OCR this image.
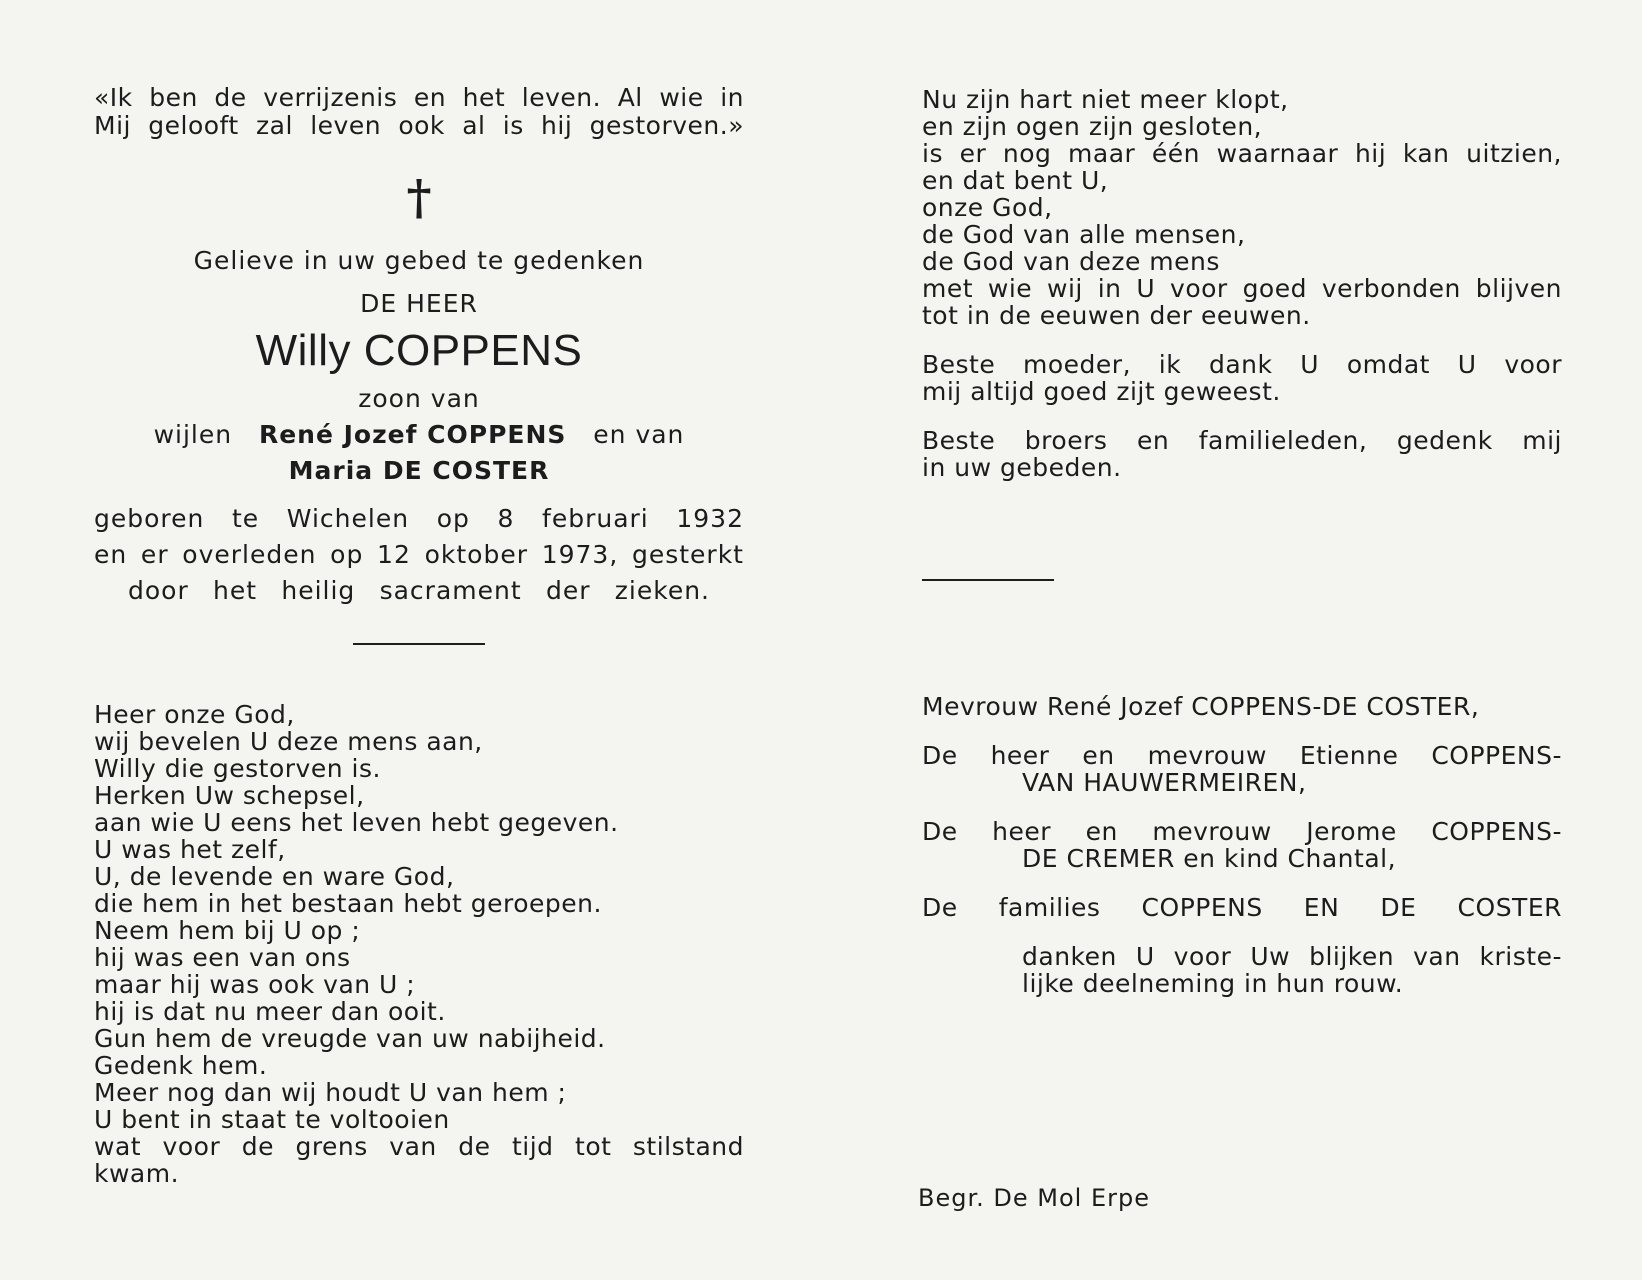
«Ik ben de verrijzenis en het leven. Al wie in
Mij gelooft zal leven ook al is hij gestorven.»
†
Gelieve in uw gebed te gedenken
DE HEER
Willy COPPENS
zoon van
wijlen René Jozef COPPENS en van
Maria DE COSTER
geboren te Wichelen op 8 februari 1932
en er overleden op 12 oktober 1973, gesterkt
door het heilig sacrament der zieken.
Heer onze God,
wij bevelen U deze mens aan,
Willy die gestorven is.
Herken Uw schepsel,
aan wie U eens het leven hebt gegeven.
U was het zelf,
U, de levende en ware God,
die hem in het bestaan hebt geroepen.
Neem hem bij U op ;
hij was een van ons
maar hij was ook van U ;
hij is dat nu meer dan ooit.
Gun hem de vreugde van uw nabijheid.
Gedenk hem.
Meer nog dan wij houdt U van hem ;
U bent in staat te voltooien
wat voor de grens van de tijd tot stilstand
kwam.
Nu zijn hart niet meer klopt,
en zijn ogen zijn gesloten,
is er nog maar één waarnaar hij kan uitzien,
en dat bent U,
onze God,
de God van alle mensen,
de God van deze mens
met wie wij in U voor goed verbonden blijven
tot in de eeuwen der eeuwen.
Beste moeder, ik dank U omdat U voor
mij altijd goed zijt geweest.
Beste broers en familieleden, gedenk mij
in uw gebeden.
Mevrouw René Jozef COPPENS-DE COSTER,
De heer en mevrouw Etienne COPPENS-
VAN HAUWERMEIREN,
De heer en mevrouw Jerome COPPENS-
DE CREMER en kind Chantal,
De families COPPENS EN DE COSTER
danken U voor Uw blijken van kriste-
lijke deelneming in hun rouw.
Begr. De Mol Erpe
